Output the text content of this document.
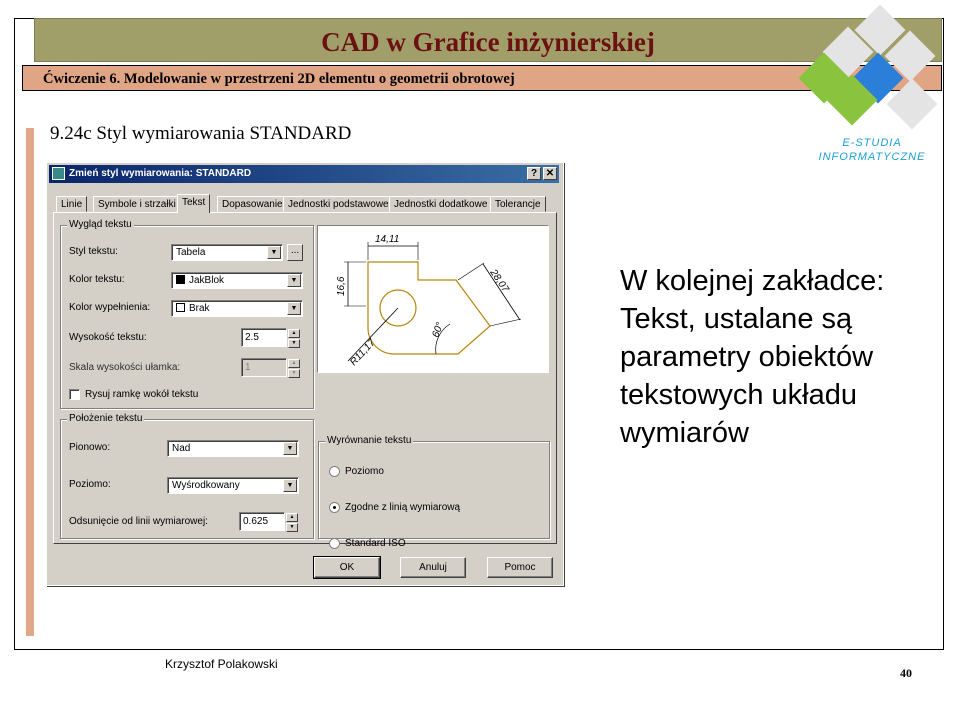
CAD w Grafice inżynierskiej
Ćwiczenie 6. Modelowanie w przestrzeni 2D elementu o geometrii obrotowej
E-STUDIA
INFORMATYCZNE
9.24c Styl wymiarowania STANDARD
W kolejnej zakładce: Tekst, ustalane są parametry obiektów tekstowych układu wymiarów
Zmień styl wymiarowania: STANDARD	? ✕
Linie	Symbole i strzałki Tekst	Dopasowanie Jednostki podstawowe Jednostki dodatkowe Tolerancje
Wygląd tekstu
Styl tekstu:	Tabela	▼	...
Kolor tekstu:	JakBlok	▼
Kolor wypełnienia:	Brak	▼
Wysokość tekstu:	2.5	▲
▼
Skala wysokości ułamka:	1	▲
▼
Rysuj ramkę wokół tekstu
Położenie tekstu
Pionowo:	Nad	▼
Poziomo:	Wyśrodkowany	▼
Odsunięcie od linii wymiarowej:	0.625	▲
▼
14,11
16,6	28,07
60°
R11,17
Wyrównanie tekstu
Poziomo
Zgodne z linią wymiarową
Standard ISO
OK	Anuluj	Pomoc
Krzysztof Polakowski
40
